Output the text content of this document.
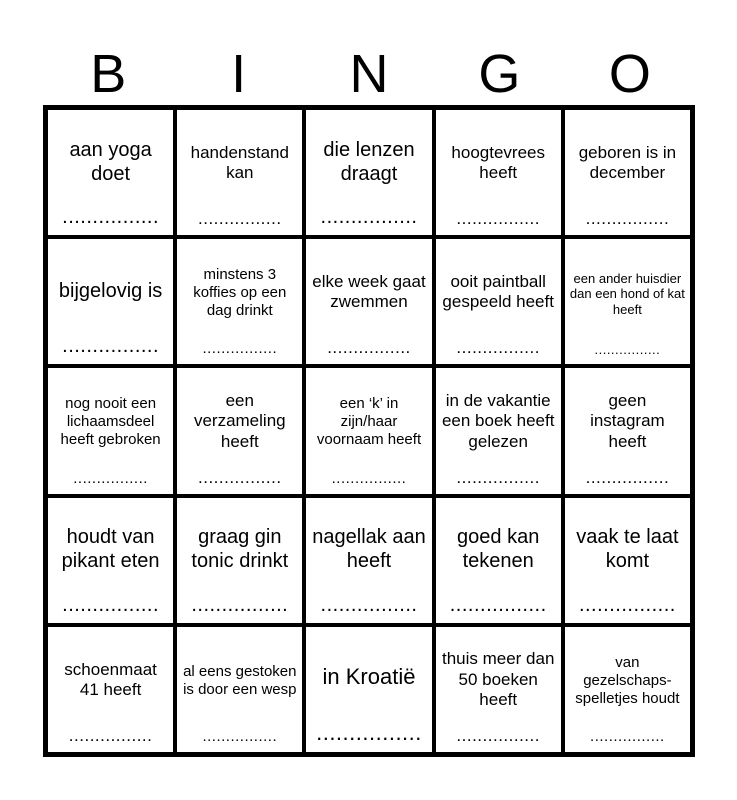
B	I	N	G	O
aan yoga doet
................
handenstand kan
................
die lenzen draagt
................
hoogtevrees heeft
................
geboren is in december
................
bijgelovig is
................
minstens 3 koffies op een dag drinkt
................
elke week gaat zwemmen
................
ooit paintball gespeeld heeft
................
een ander huisdier dan een hond of kat heeft
................
nog nooit een lichaamsdeel heeft gebroken
................
een verzameling heeft
................
een ‘k’ in zijn/haar voornaam heeft
................
in de vakantie een boek heeft gelezen
................
geen instagram heeft
................
houdt van pikant eten
................
graag gin tonic drinkt
................
nagellak aan heeft
................
goed kan tekenen
................
vaak te laat komt
................
schoenmaat 41 heeft
................
al eens gestoken is door een wesp
................
in Kroatië
................
thuis meer dan 50 boeken heeft
................
van gezelschaps-spelletjes houdt
................
